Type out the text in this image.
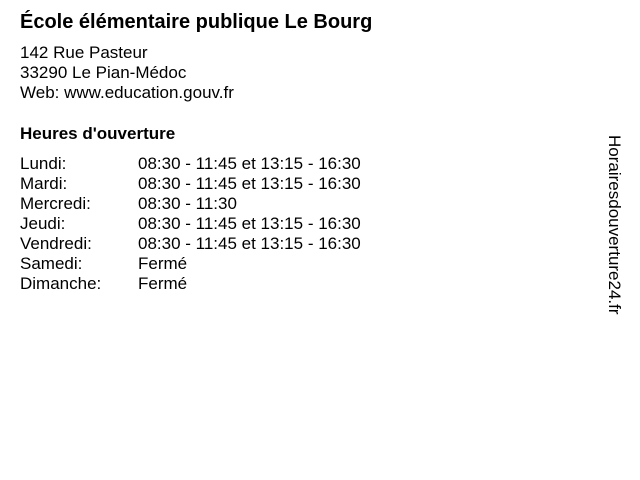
École élémentaire publique Le Bourg
142 Rue Pasteur
33290 Le Pian-Médoc
Web: www.education.gouv.fr
Heures d'ouverture
Lundi:	08:30 - 11:45 et 13:15 - 16:30
Mardi:	08:30 - 11:45 et 13:15 - 16:30
Mercredi:	08:30 - 11:30
Jeudi:	08:30 - 11:45 et 13:15 - 16:30
Vendredi:	08:30 - 11:45 et 13:15 - 16:30
Samedi:	Fermé
Dimanche:	Fermé	Horairesdouverture24.fr
